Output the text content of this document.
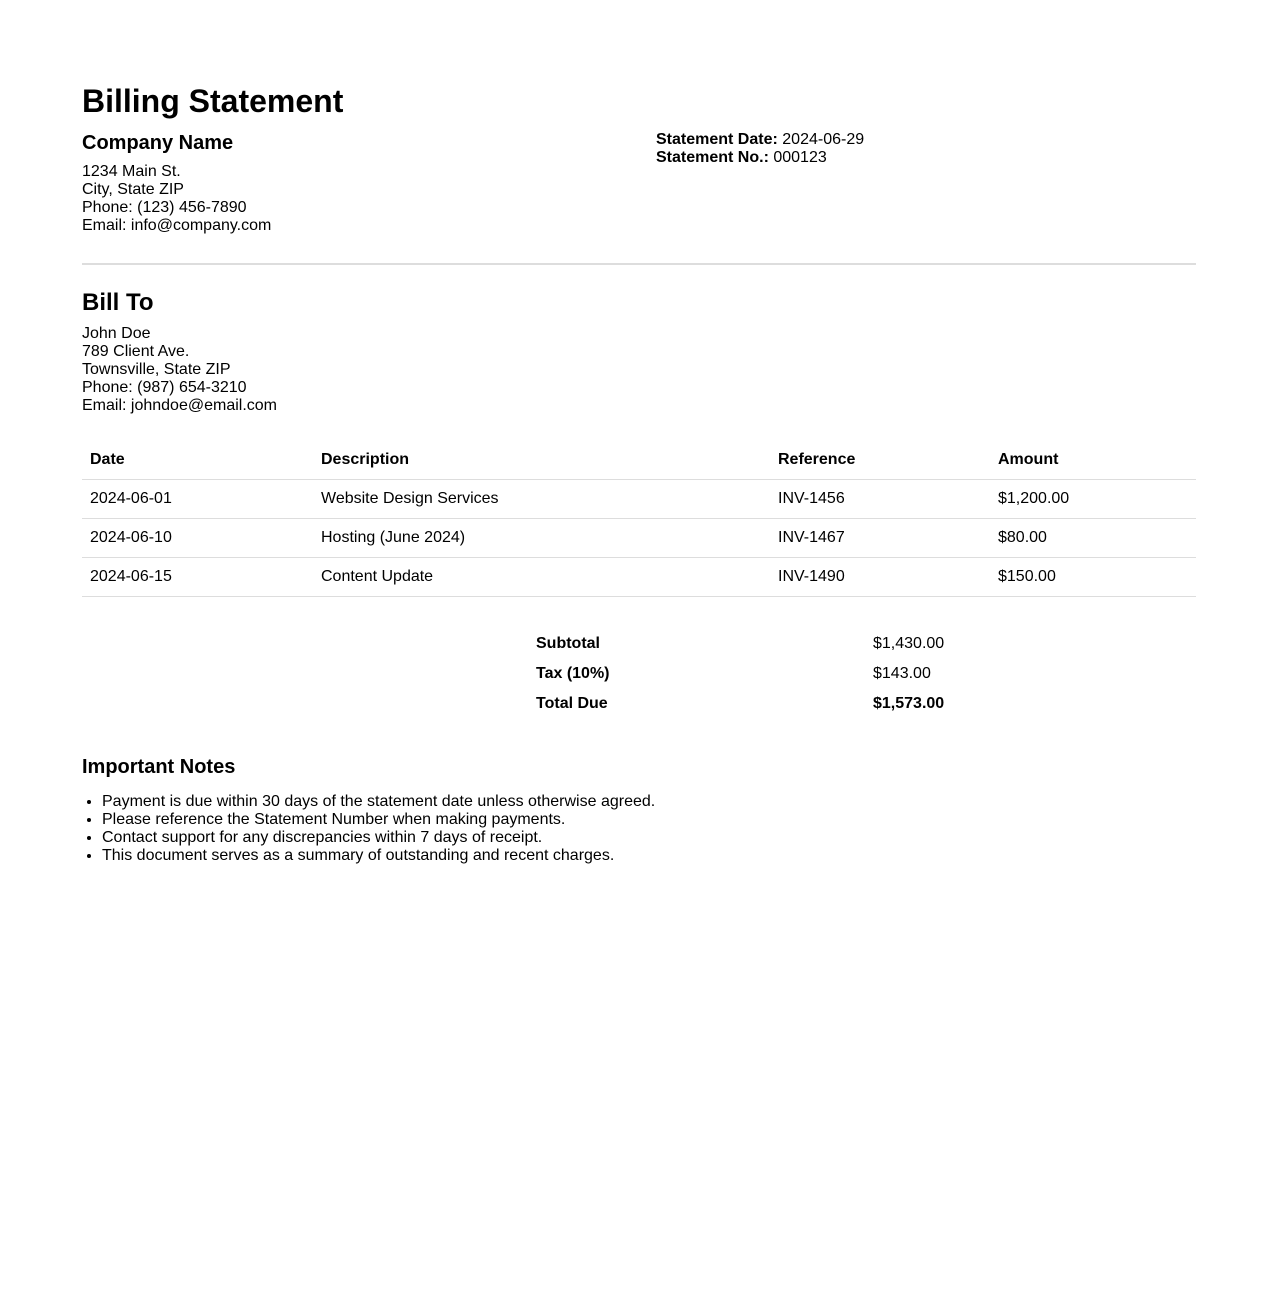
Billing Statement
Company Name
1234 Main St.
City, State ZIP
Phone: (123) 456-7890
Email: info@company.com
Statement Date: 2024-06-29
Statement No.: 000123
Bill To
John Doe
789 Client Ave.
Townsville, State ZIP
Phone: (987) 654-3210
Email: johndoe@email.com
Date	Description	Reference	Amount
2024-06-01	Website Design Services	INV-1456	$1,200.00
2024-06-10	Hosting (June 2024)	INV-1467	$80.00
2024-06-15	Content Update	INV-1490	$150.00
Subtotal	$1,430.00
Tax (10%)	$143.00
Total Due	$1,573.00
Important Notes
• Payment is due within 30 days of the statement date unless otherwise agreed.
• Please reference the Statement Number when making payments.
• Contact support for any discrepancies within 7 days of receipt.
• This document serves as a summary of outstanding and recent charges.
